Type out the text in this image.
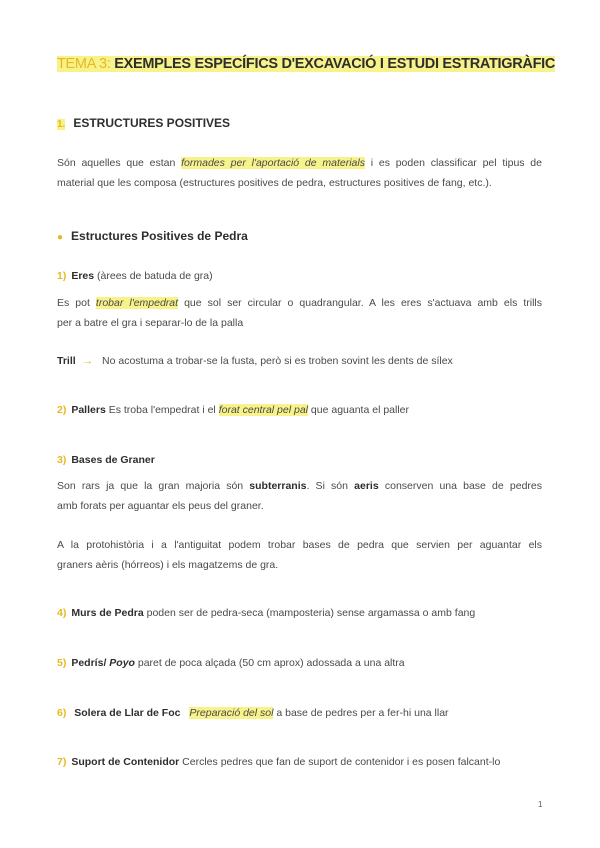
TEMA 3: EXEMPLES ESPECÍFICS D'EXCAVACIÓ I ESTUDI ESTRATIGRÀFIC
1. ESTRUCTURES POSITIVES
Són aquelles que estan formades per l'aportació de materials i es poden classificar pel tipus de
material que les composa (estructures positives de pedra, estructures positives de fang, etc.).
● Estructures Positives de Pedra
1) Eres (àrees de batuda de gra)
Es pot trobar l'empedrat que sol ser circular o quadrangular. A les eres s'actuava amb els trills
per a batre el gra i separar-lo de la palla
Trill → No acostuma a trobar-se la fusta, però si es troben sovint les dents de sílex
2) Pallers Es troba l'empedrat i el forat central pel pal que aguanta el paller
3) Bases de Graner
Son rars ja que la gran majoria són subterranis. Si són aeris conserven una base de pedres
amb forats per aguantar els peus del graner.
A la protohistòria i a l'antiguitat podem trobar bases de pedra que servien per aguantar els
graners aèris (hórreos) i els magatzems de gra.
4) Murs de Pedra poden ser de pedra-seca (mamposteria) sense argamassa o amb fang
5) Pedrís/ Poyo paret de poca alçada (50 cm aprox) adossada a una altra
6) Solera de Llar de Foc Preparació del sol a base de pedres per a fer-hi una llar
7) Suport de Contenidor Cercles pedres que fan de suport de contenidor i es posen falcant-lo
1
